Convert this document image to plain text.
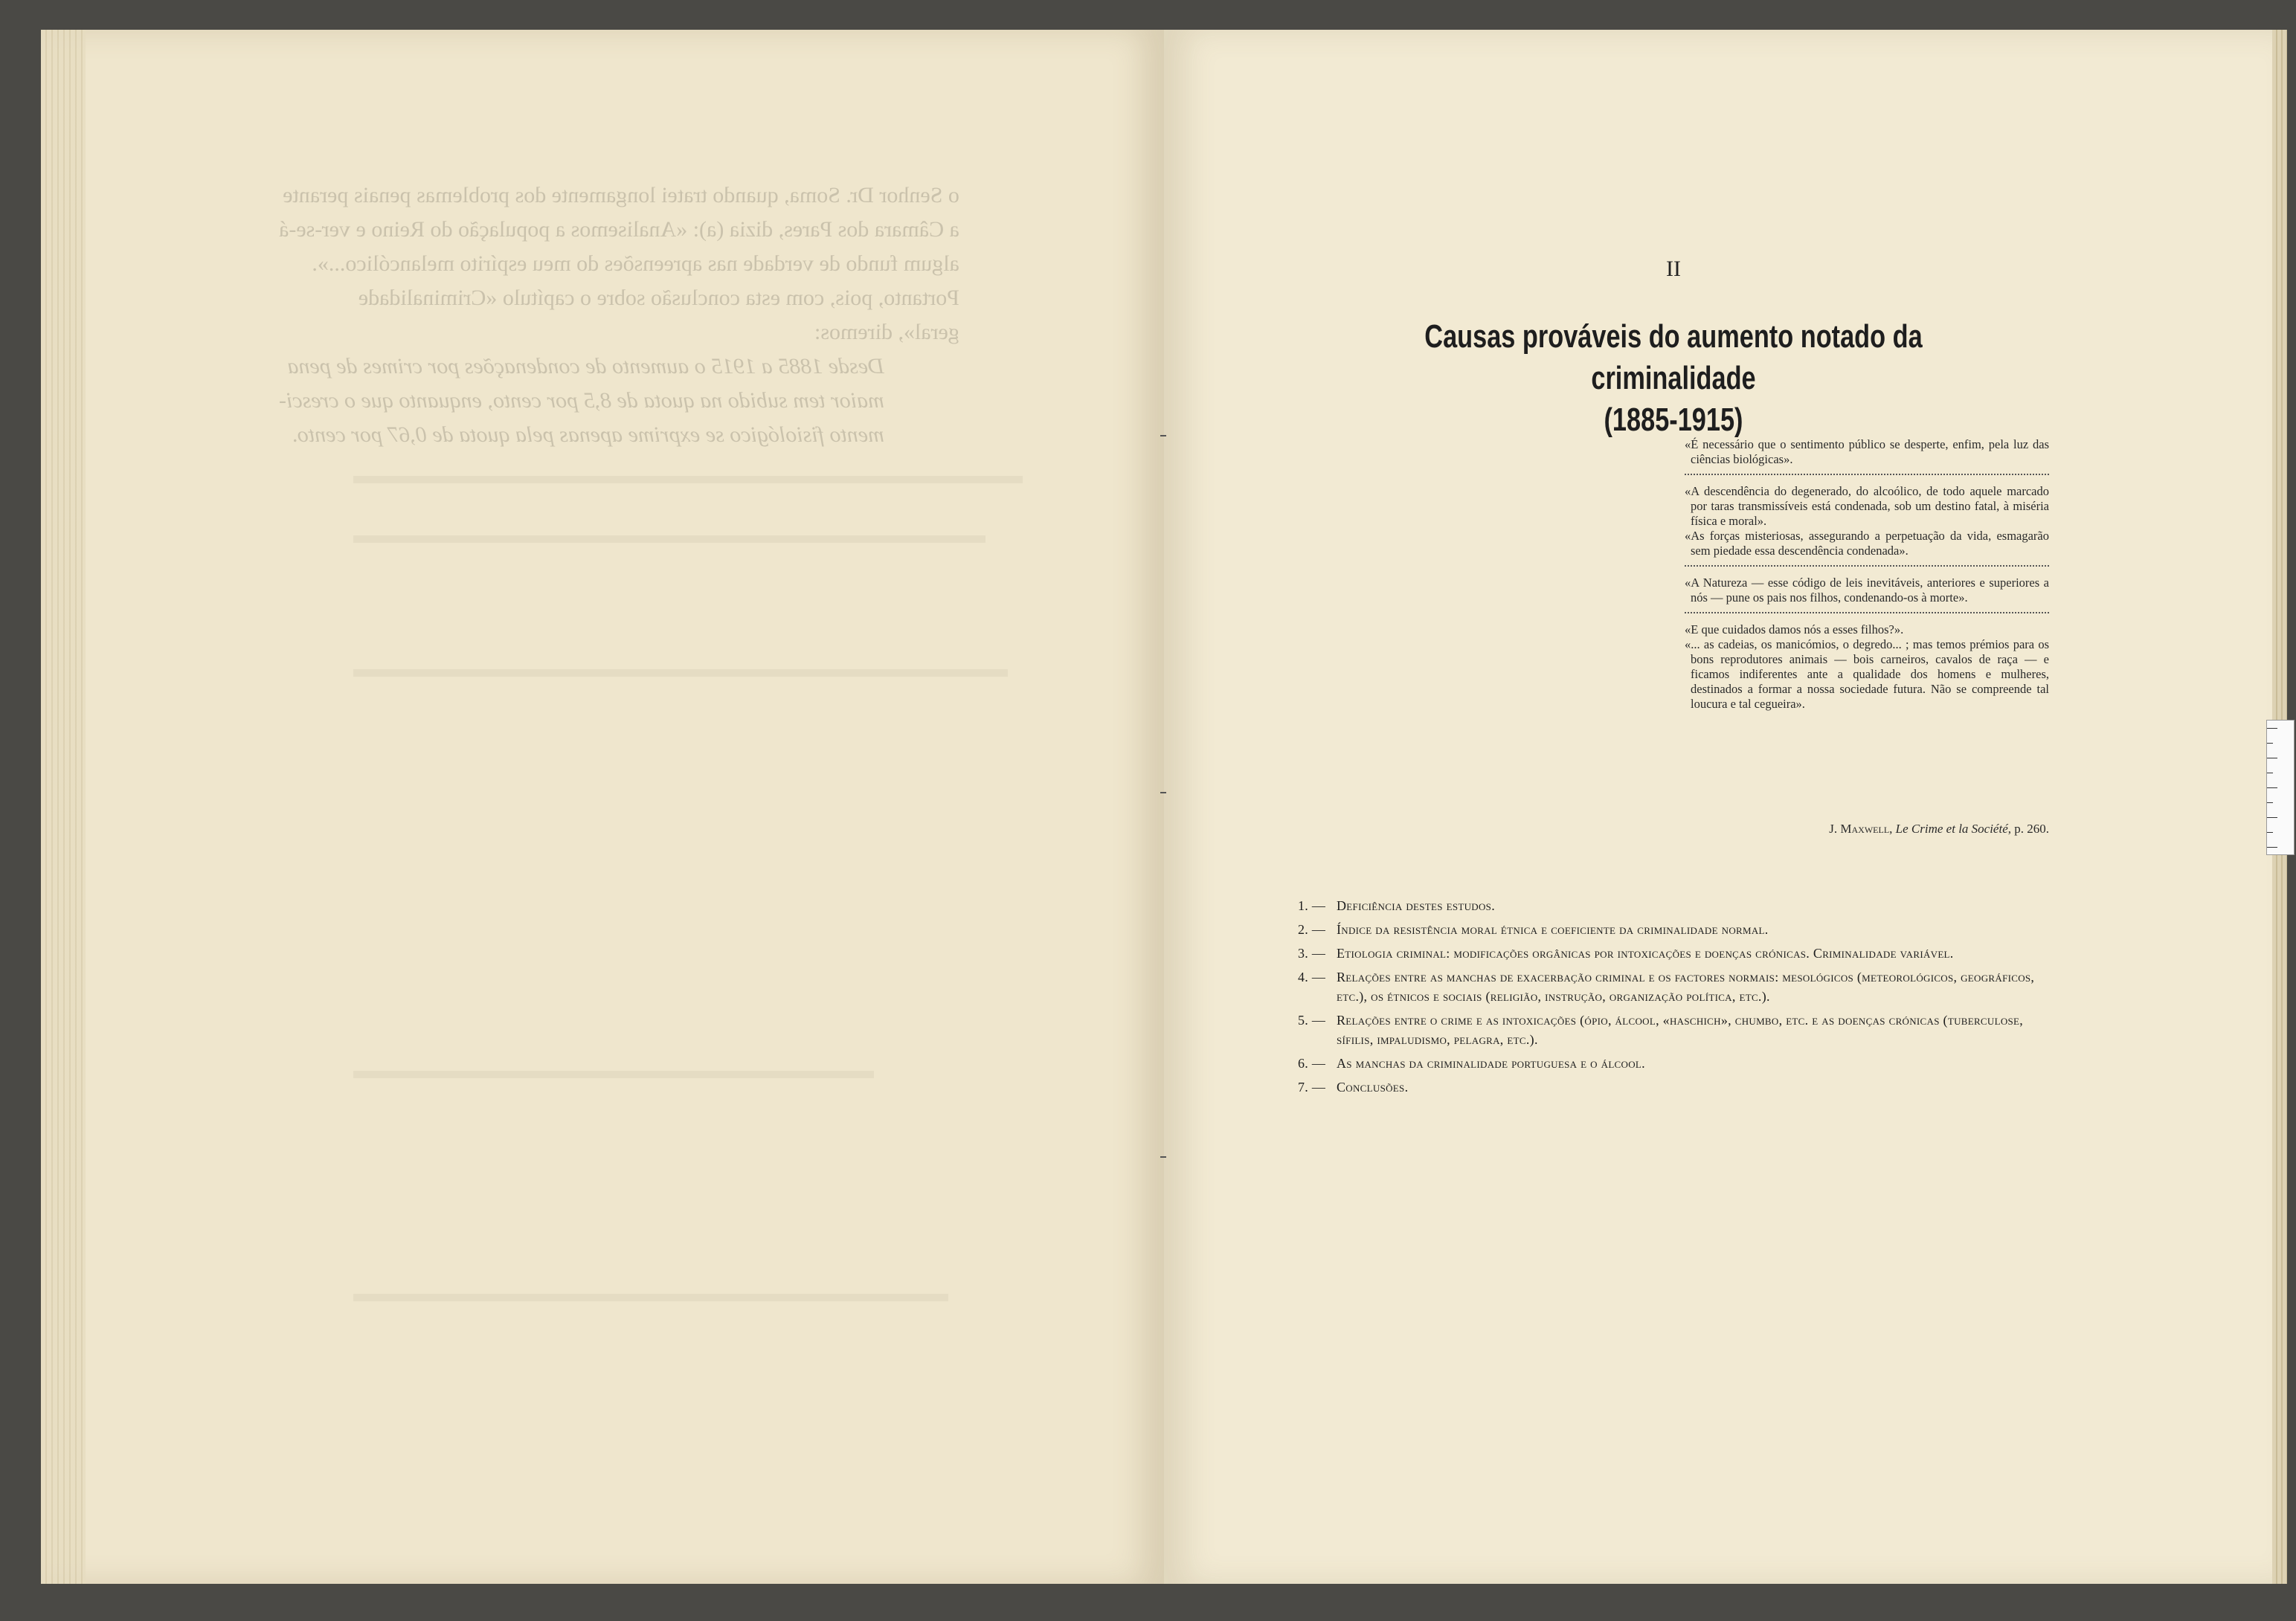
o Senhor Dr. Soma, quando tratei longamente dos problemas penais perante

a Câmara dos Pares, dizia (a): «Analisemos a população do Reino e ver-se-á

algum fundo de verdade nas apreensões do meu espírito melancólico...».

Portanto, pois, com esta conclusão sobre o capítulo «Criminalidade

geral», diremos:

Desde 1885 a 1915 o aumento de condenações por crimes de pena

maior tem subido na quota de 8,5 por cento, enquanto que o cresci-

mento fisiológico se exprime apenas pela quota de 0,67 por cento.

II
Causas prováveis do aumento notado da criminalidade
(1885-1915)

«É necessário que o sentimento público se desperte, enfim, pela luz das ciências biológicas».

«A descendência do degenerado, do alcoólico, de todo aquele marcado por taras transmissíveis está condenada, sob um destino fatal, à miséria física e moral».

«As forças misteriosas, assegurando a perpetuação da vida, esmagarão sem piedade essa descendência condenada».

«A Natureza — esse código de leis inevitáveis, anteriores e superiores a nós — pune os pais nos filhos, condenando-os à morte».

«E que cuidados damos nós a esses filhos?».

«... as cadeias, os manicómios, o degredo... ; mas temos prémios para os bons reprodutores animais — bois carneiros, cavalos de raça — e ficamos indiferentes ante a qualidade dos homens e mulheres, destinados a formar a nossa sociedade futura. Não se compreende tal loucura e tal cegueira».

J. Maxwell, Le Crime et la Société, p. 260.
1. — Deficiência destes estudos.
2. — Índice da resistência moral étnica e coeficiente da criminalidade normal.
3. — Etiologia criminal: modificações orgânicas por intoxicações e doenças crónicas. Criminalidade variável.
4. — Relações entre as manchas de exacerbação criminal e os factores normais: mesológicos (meteorológicos, geográficos, etc.), os étnicos e sociais (religião, instrução, organização política, etc.).
5. — Relações entre o crime e as intoxicações (ópio, álcool, «haschich», chumbo, etc. e as doenças crónicas (tuberculose, sífilis, impaludismo, pelagra, etc.).
6. — As manchas da criminalidade portuguesa e o álcool.
7. — Conclusões.
